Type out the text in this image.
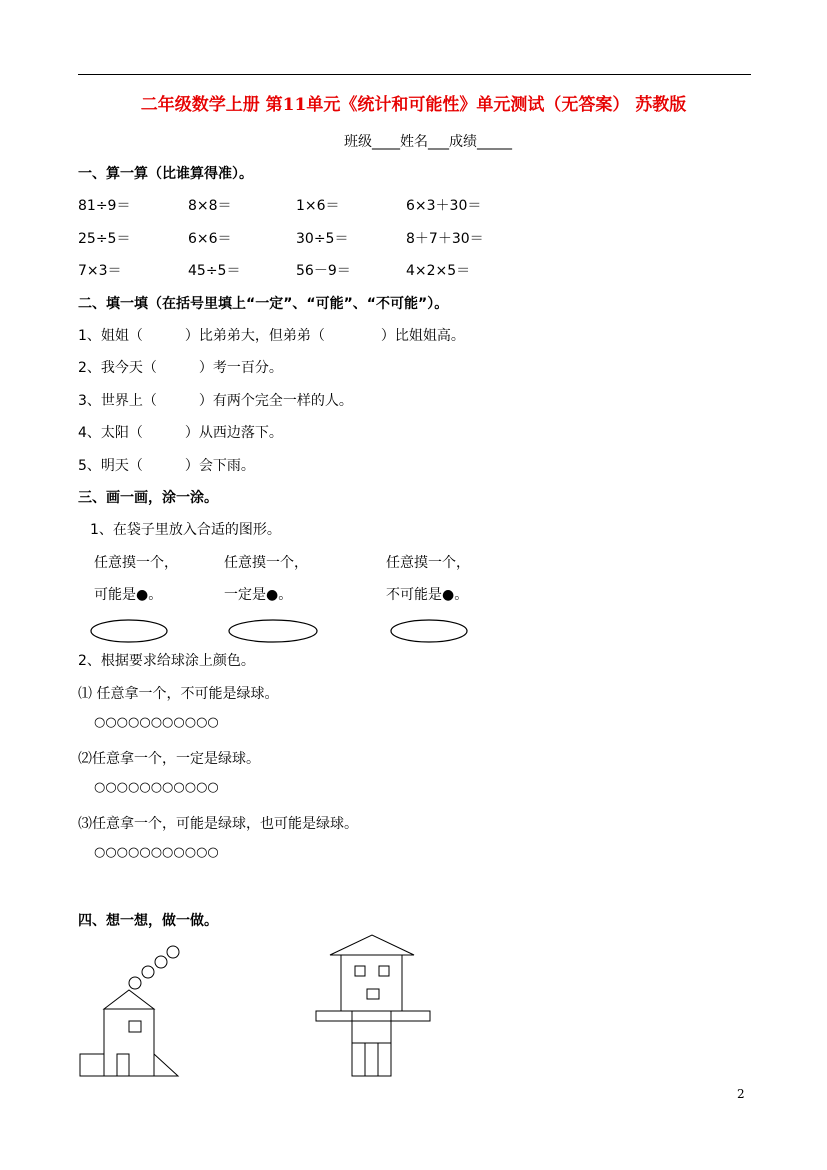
二年级数学上册 第11单元《统计和可能性》单元测试（无答案） 苏教版
班级____姓名___成绩_____
一、算一算（比谁算得准）。
81÷9＝	8×8＝	1×6＝	6×3＋30＝
25÷5＝	6×6＝	30÷5＝	8＋7＋30＝
7×3＝	45÷5＝	56－9＝	4×2×5＝
二、填一填（在括号里填上“一定”、“可能”、“不可能”）。
1、姐姐（　　　）比弟弟大，但弟弟（　　　　）比姐姐高。
2、我今天（　　　）考一百分。
3、世界上（　　　）有两个完全一样的人。
4、太阳（　　　）从西边落下。
5、明天（　　　）会下雨。
三、画一画，涂一涂。
1、在袋子里放入合适的图形。
任意摸一个，
可能是●。
任意摸一个，
一定是●。
任意摸一个，
不可能是●。
2、根据要求给球涂上颜色。
⑴ 任意拿一个，不可能是绿球。
○○○○○○○○○○○
⑵任意拿一个，一定是绿球。
○○○○○○○○○○○
⑶任意拿一个，可能是绿球，也可能是绿球。
○○○○○○○○○○○
四、想一想，做一做。
2
